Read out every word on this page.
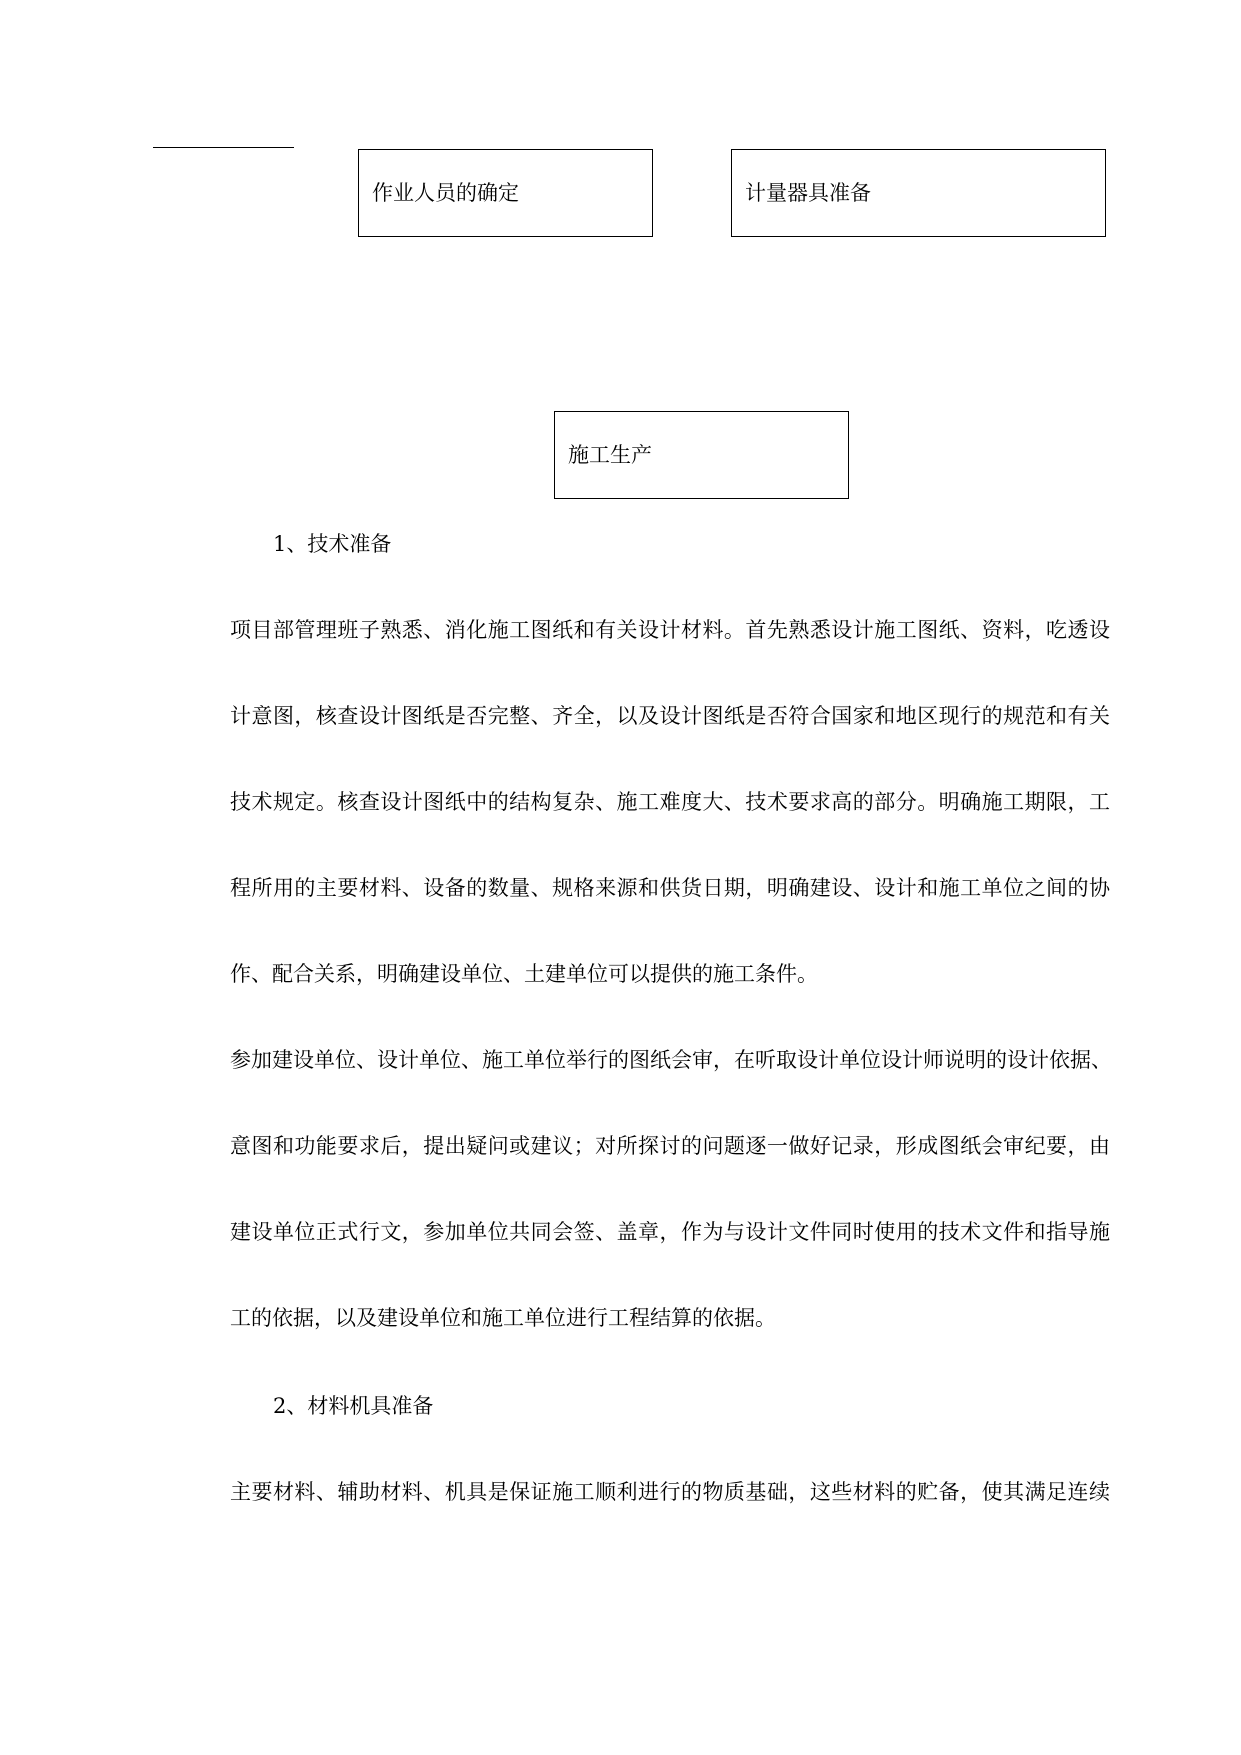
作业人员的确定	计量器具准备
施工生产
1、技术准备
项目部管理班子熟悉、消化施工图纸和有关设计材料。首先熟悉设计施工图纸、资料，吃透设
计意图，核查设计图纸是否完整、齐全，以及设计图纸是否符合国家和地区现行的规范和有关
技术规定。核查设计图纸中的结构复杂、施工难度大、技术要求高的部分。明确施工期限，工
程所用的主要材料、设备的数量、规格来源和供货日期，明确建设、设计和施工单位之间的协
作、配合关系，明确建设单位、土建单位可以提供的施工条件。
参加建设单位、设计单位、施工单位举行的图纸会审，在听取设计单位设计师说明的设计依据、
意图和功能要求后，提出疑问或建议；对所探讨的问题逐一做好记录，形成图纸会审纪要，由
建设单位正式行文，参加单位共同会签、盖章，作为与设计文件同时使用的技术文件和指导施
工的依据，以及建设单位和施工单位进行工程结算的依据。
2、材料机具准备
主要材料、辅助材料、机具是保证施工顺利进行的物质基础，这些材料的贮备，使其满足连续
